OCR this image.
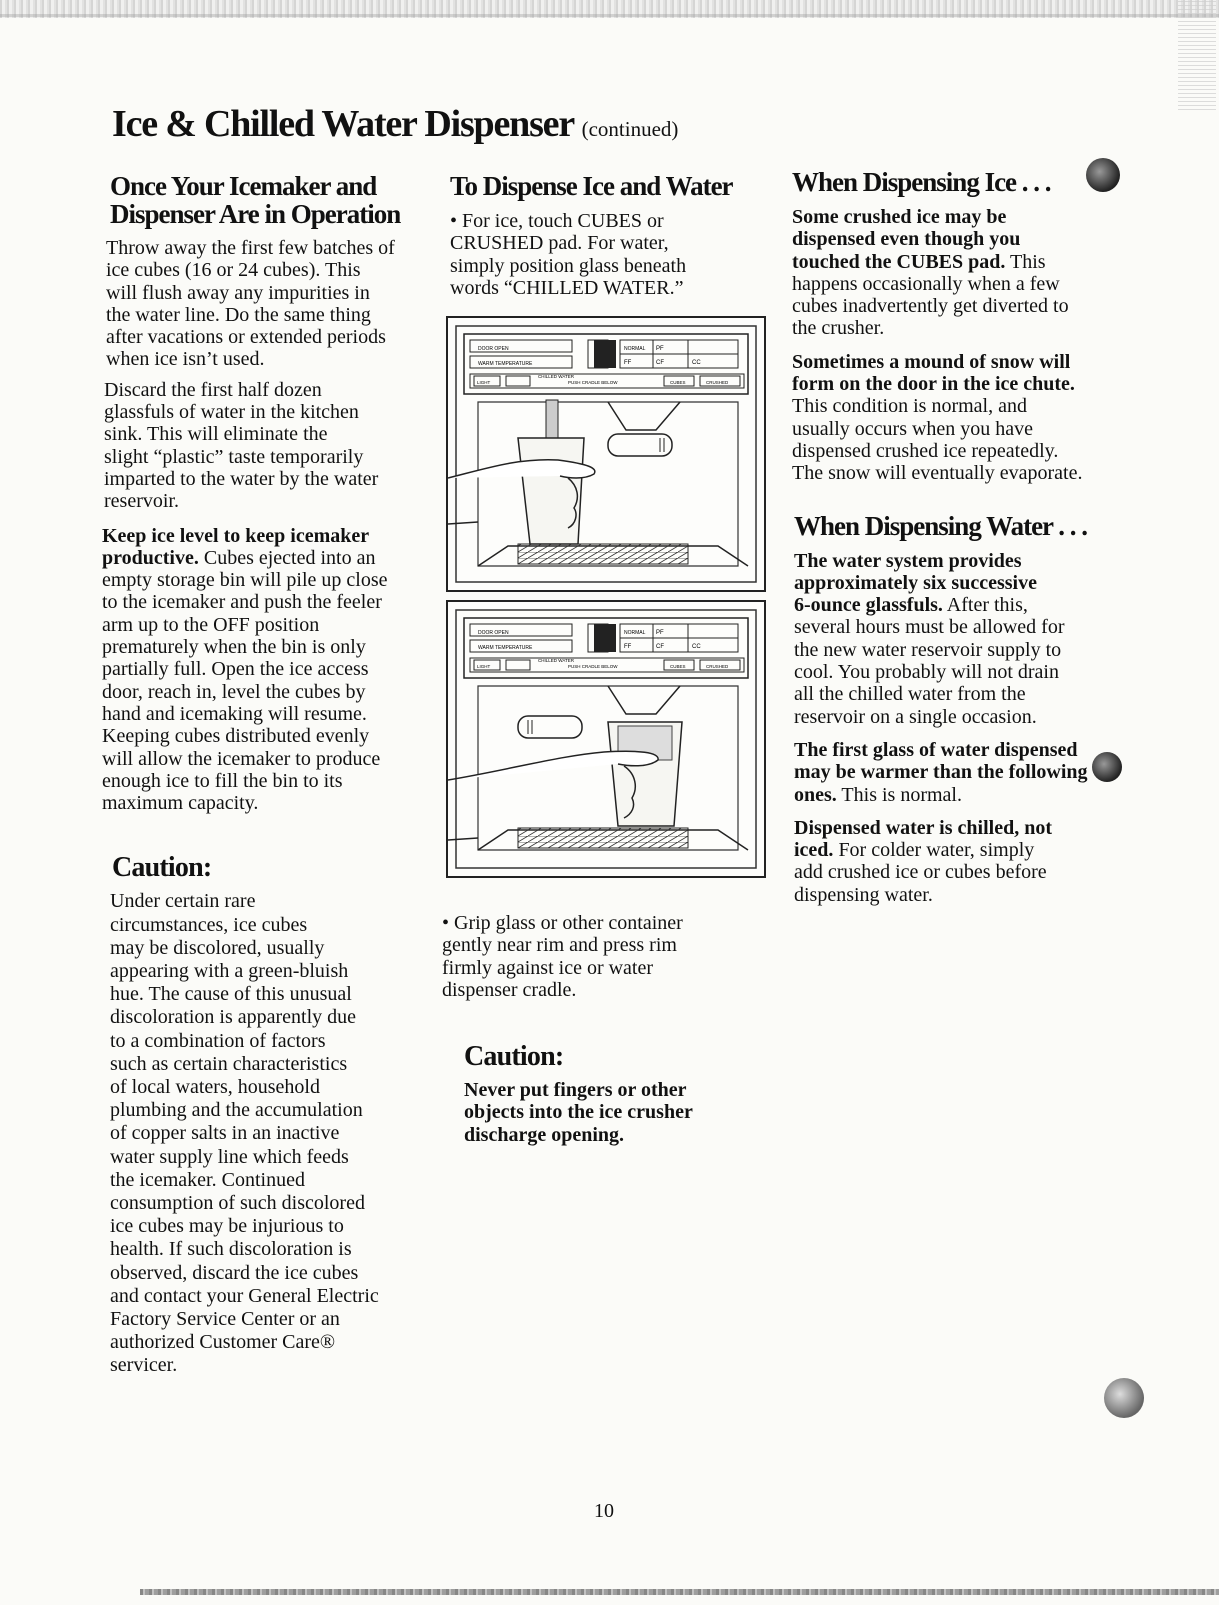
Ice & Chilled Water Dispenser (continued)
Once Your Icemaker and
Dispenser Are in Operation
Throw away the first few batches of
ice cubes (16 or 24 cubes). This
will flush away any impurities in
the water line. Do the same thing
after vacations or extended periods
when ice isn’t used.
Discard the first half dozen
glassfuls of water in the kitchen
sink. This will eliminate the
slight “plastic” taste temporarily
imparted to the water by the water
reservoir.
Keep ice level to keep icemaker
productive. Cubes ejected into an
empty storage bin will pile up close
to the icemaker and push the feeler
arm up to the OFF position
prematurely when the bin is only
partially full. Open the ice access
door, reach in, level the cubes by
hand and icemaking will resume.
Keeping cubes distributed evenly
will allow the icemaker to produce
enough ice to fill the bin to its
maximum capacity.
Caution:
Under certain rare
circumstances, ice cubes
may be discolored, usually
appearing with a green-bluish
hue. The cause of this unusual
discoloration is apparently due
to a combination of factors
such as certain characteristics
of local waters, household
plumbing and the accumulation
of copper salts in an inactive
water supply line which feeds
the icemaker. Continued
consumption of such discolored
ice cubes may be injurious to
health. If such discoloration is
observed, discard the ice cubes
and contact your General Electric
Factory Service Center or an
authorized Customer Care®
servicer.
To Dispense Ice and Water
• For ice, touch CUBES or
CRUSHED pad. For water,
simply position glass beneath
words “CHILLED WATER.”
DOOR OPEN
WARM TEMPERATURE
NORMAL PF
FF	CF	CC
LIGHT
CHILLED WATER
PUSH CRADLE BELOW	CUBES	CRUSHED
DOOR OPEN
WARM TEMPERATURE
NORMAL PF
FF	CF	CC
LIGHT
CHILLED WATER
PUSH CRADLE BELOW	CUBES	CRUSHED
• Grip glass or other container
gently near rim and press rim
firmly against ice or water
dispenser cradle.
Caution:
Never put fingers or other
objects into the ice crusher
discharge opening.
When Dispensing Ice . . .
Some crushed ice may be
dispensed even though you
touched the CUBES pad. This
happens occasionally when a few
cubes inadvertently get diverted to
the crusher.
Sometimes a mound of snow will
form on the door in the ice chute.
This condition is normal, and
usually occurs when you have
dispensed crushed ice repeatedly.
The snow will eventually evaporate.
When Dispensing Water . . .
The water system provides
approximately six successive
6-ounce glassfuls. After this,
several hours must be allowed for
the new water reservoir supply to
cool. You probably will not drain
all the chilled water from the
reservoir on a single occasion.
The first glass of water dispensed
may be warmer than the following
ones. This is normal.
Dispensed water is chilled, not
iced. For colder water, simply
add crushed ice or cubes before
dispensing water.
10
